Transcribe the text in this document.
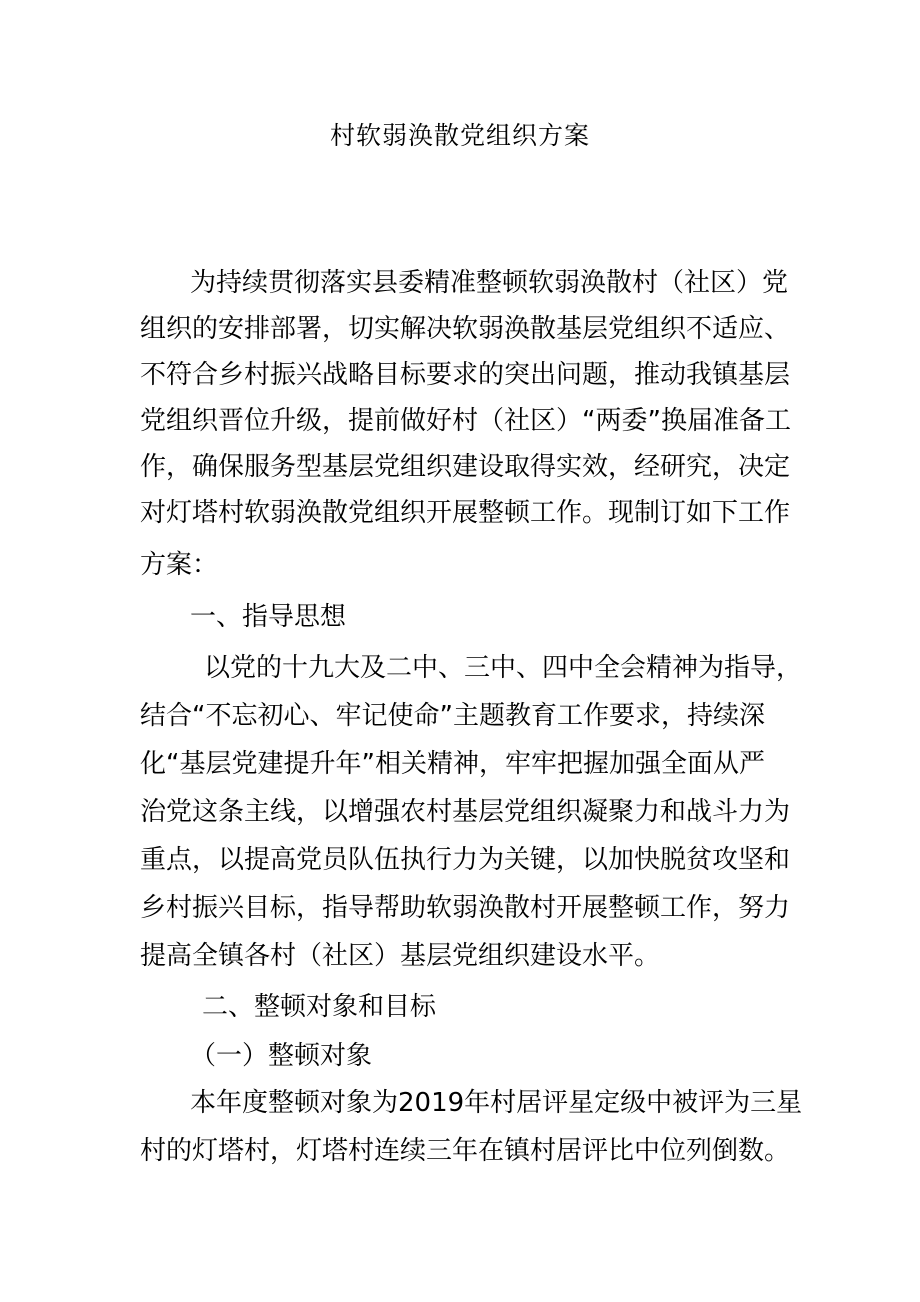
村软弱涣散党组织方案
为持续贯彻落实县委精准整顿软弱涣散村（社区）党
组织的安排部署，切实解决软弱涣散基层党组织不适应、
不符合乡村振兴战略目标要求的突出问题，推动我镇基层
党组织晋位升级，提前做好村（社区）“两委”换届准备工
作，确保服务型基层党组织建设取得实效，经研究，决定
对灯塔村软弱涣散党组织开展整顿工作。现制订如下工作
方案：
一、指导思想
以党的十九大及二中、三中、四中全会精神为指导，
结合“不忘初心、牢记使命”主题教育工作要求，持续深
化“基层党建提升年”相关精神，牢牢把握加强全面从严
治党这条主线，以增强农村基层党组织凝聚力和战斗力为
重点，以提高党员队伍执行力为关键，以加快脱贫攻坚和
乡村振兴目标，指导帮助软弱涣散村开展整顿工作，努力
提高全镇各村（社区）基层党组织建设水平。
二、整顿对象和目标
（一）整顿对象
本年度整顿对象为2019年村居评星定级中被评为三星
村的灯塔村，灯塔村连续三年在镇村居评比中位列倒数。
